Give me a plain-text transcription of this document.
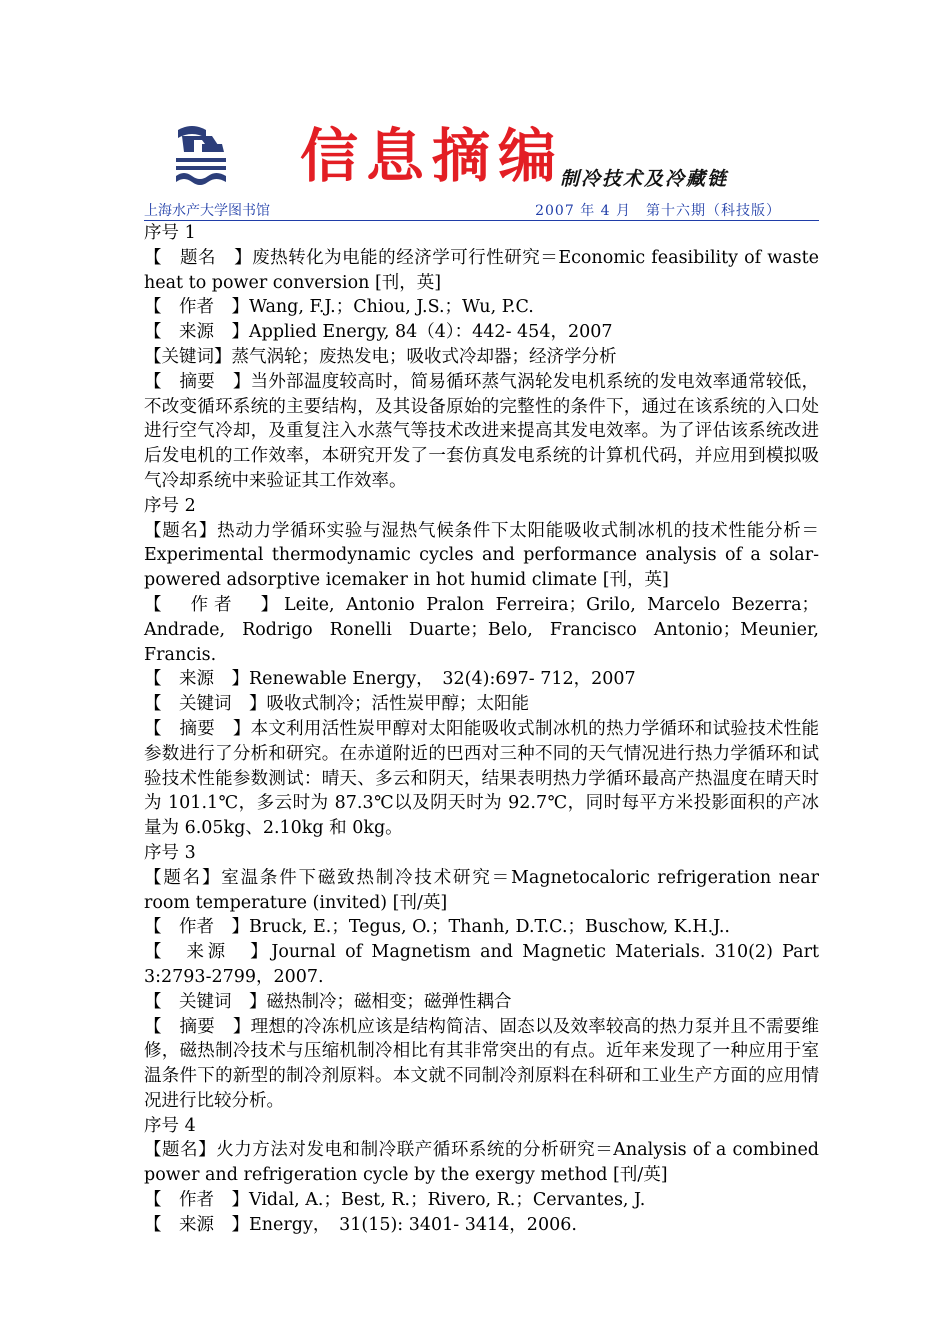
信息摘编
制冷技术及冷藏链
上海水产大学图书馆	2007 年 4 月　第十六期（科技版）

序号 1

【　题名　】废热转化为电能的经济学可行性研究＝Economic feasibility of waste heat to power conversion [刊，英]

【　作者　】Wang, F.J.；Chiou, J.S.；Wu, P.C.

【　来源　】Applied Energy, 84（4）：442- 454，2007

【关键词】蒸气涡轮；废热发电；吸收式冷却器；经济学分析

【　摘要　】当外部温度较高时，简易循环蒸气涡轮发电机系统的发电效率通常较低，不改变循环系统的主要结构，及其设备原始的完整性的条件下，通过在该系统的入口处进行空气冷却，及重复注入水蒸气等技术改进来提高其发电效率。为了评估该系统改进后发电机的工作效率，本研究开发了一套仿真发电系统的计算机代码，并应用到模拟吸气冷却系统中来验证其工作效率。

序号 2

【题名】热动力学循环实验与湿热气候条件下太阳能吸收式制冰机的技术性能分析＝Experimental thermodynamic cycles and performance analysis of a solar-powered adsorptive icemaker in hot humid climate [刊，英]

【　作者　】Leite, Antonio Pralon Ferreira；Grilo, Marcelo Bezerra；Andrade, Rodrigo Ronelli Duarte；Belo, Francisco Antonio；Meunier, Francis.

【　来源　】Renewable Energy，　32(4):697- 712，2007

【　关键词　】吸收式制冷；活性炭甲醇；太阳能

【　摘要　】本文利用活性炭甲醇对太阳能吸收式制冰机的热力学循环和试验技术性能参数进行了分析和研究。在赤道附近的巴西对三种不同的天气情况进行热力学循环和试验技术性能参数测试：晴天、多云和阴天，结果表明热力学循环最高产热温度在晴天时为 101.1℃，多云时为 87.3℃以及阴天时为 92.7℃，同时每平方米投影面积的产冰量为 6.05kg、2.10kg 和 0kg。

序号 3

【题名】室温条件下磁致热制冷技术研究＝Magnetocaloric refrigeration near room temperature (invited) [刊/英]

【　作者　】Bruck, E.；Tegus, O.；Thanh, D.T.C.；Buschow, K.H.J..

【　来源　】Journal of Magnetism and Magnetic Materials. 310(2) Part 3:2793-2799，2007.

【　关键词　】磁热制冷；磁相变；磁弹性耦合

【　摘要　】理想的冷冻机应该是结构简洁、固态以及效率较高的热力泵并且不需要维修，磁热制冷技术与压缩机制冷相比有其非常突出的有点。近年来发现了一种应用于室温条件下的新型的制冷剂原料。本文就不同制冷剂原料在科研和工业生产方面的应用情况进行比较分析。

序号 4

【题名】火力方法对发电和制冷联产循环系统的分析研究＝Analysis of a combined power and refrigeration cycle by the exergy method [刊/英]

【　作者　】Vidal, A.；Best, R.；Rivero, R.；Cervantes, J.

【　来源　】Energy，　31(15): 3401- 3414，2006.
